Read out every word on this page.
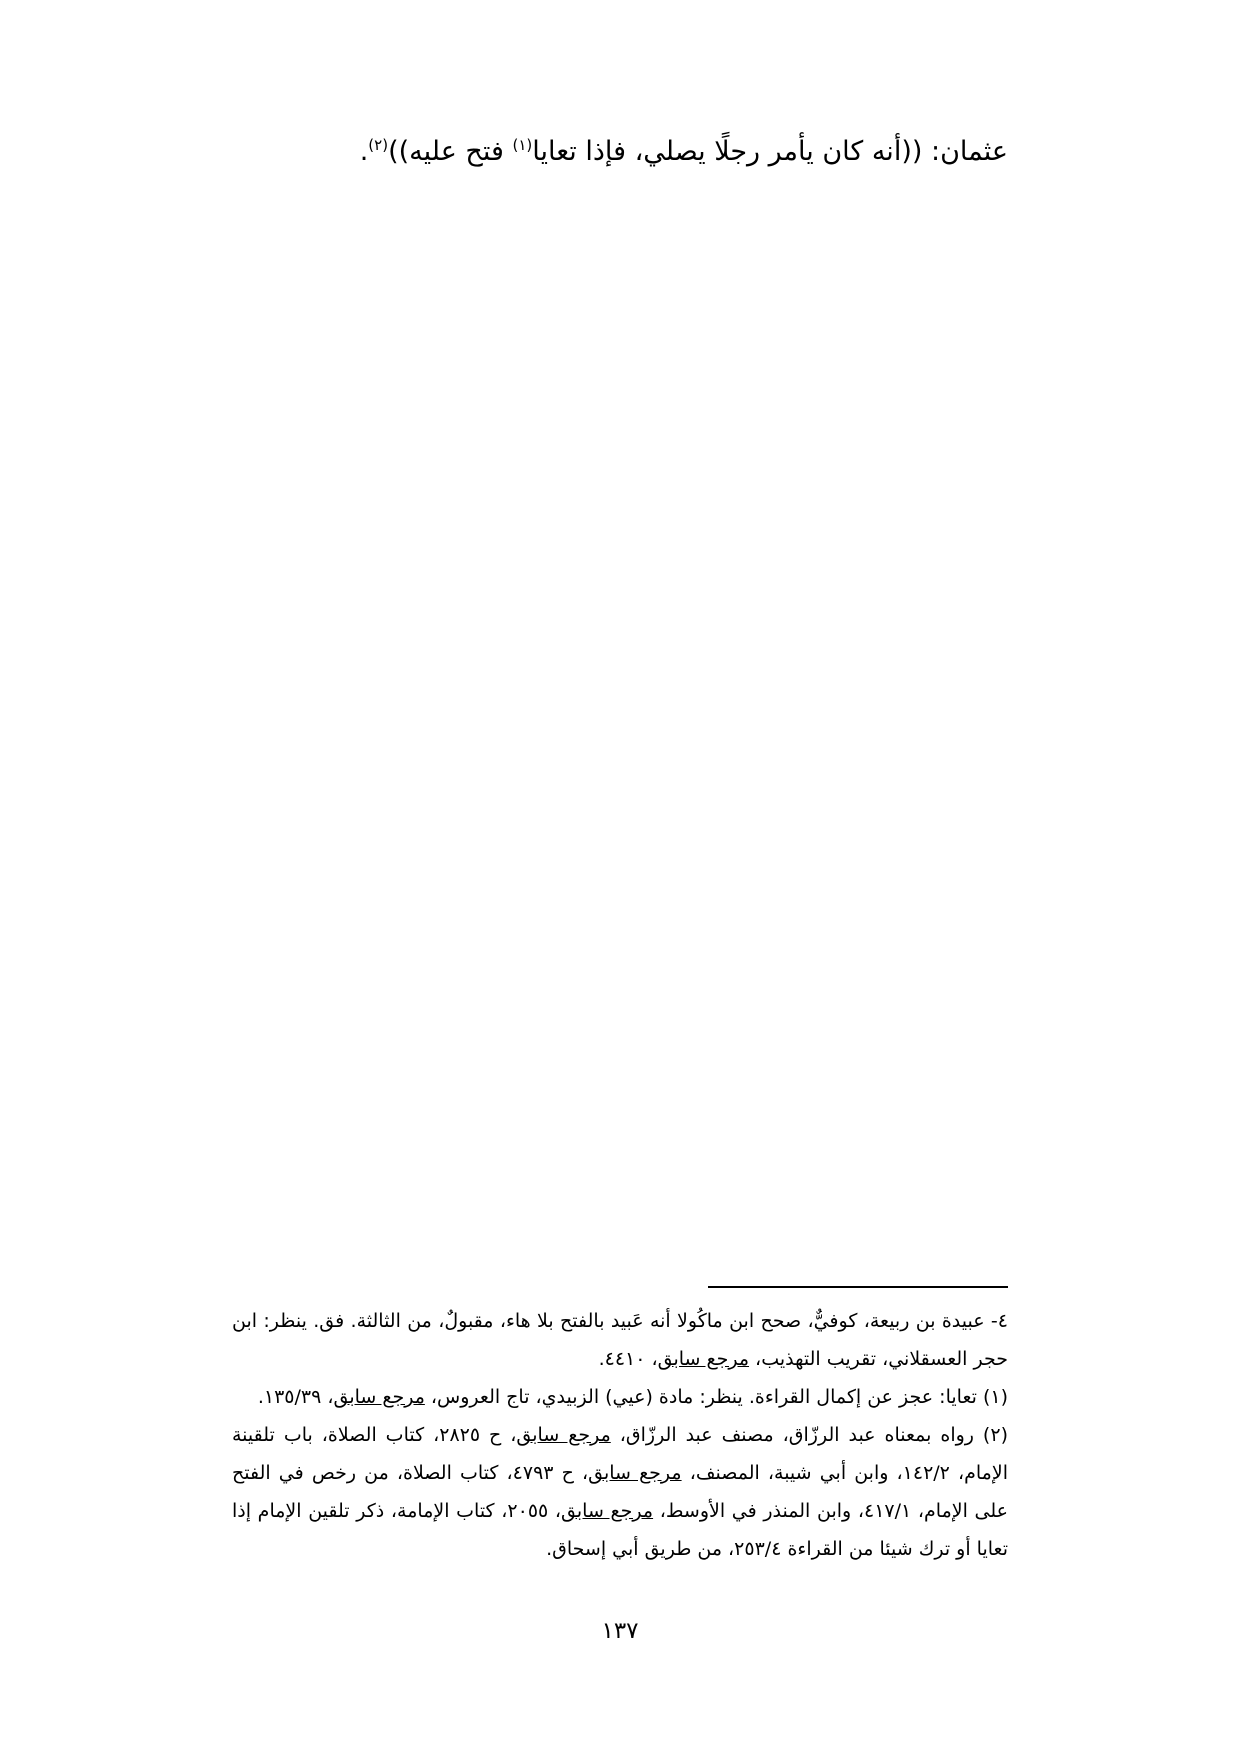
عثمان: ((أنه كان يأمر رجلًا يصلي، فإذا تعايا$^{(١)}$ فتح عليه))$^{(٢)}$.

٤- عبيدة بن ربيعة، كوفيٌّ، صحح ابن ماكُولا أنه عَبيد بالفتح بلا هاء، مقبولٌ، من الثالثة. فق. ينظر: ابن حجر العسقلاني، تقريب التهذيب، مرجع سابق، ٤٤١٠.

(١) تعايا: عجز عن إكمال القراءة. ينظر: مادة (عيي) الزبيدي، تاج العروس، مرجع سابق، ١٣٥/٣٩.

(٢) رواه بمعناه عبد الرزّاق، مصنف عبد الرزّاق، مرجع سابق، ح ٢٨٢٥، كتاب الصلاة، باب تلقينة الإمام، ١٤٢/٢، وابن أبي شيبة، المصنف، مرجع سابق، ح ٤٧٩٣، كتاب الصلاة، من رخص في الفتح على الإمام، ٤١٧/١، وابن المنذر في الأوسط، مرجع سابق، ٢٠٥٥، كتاب الإمامة، ذكر تلقين الإمام إذا تعايا أو ترك شيئا من القراءة ٢٥٣/٤، من طريق أبي إسحاق.

١٣٧
